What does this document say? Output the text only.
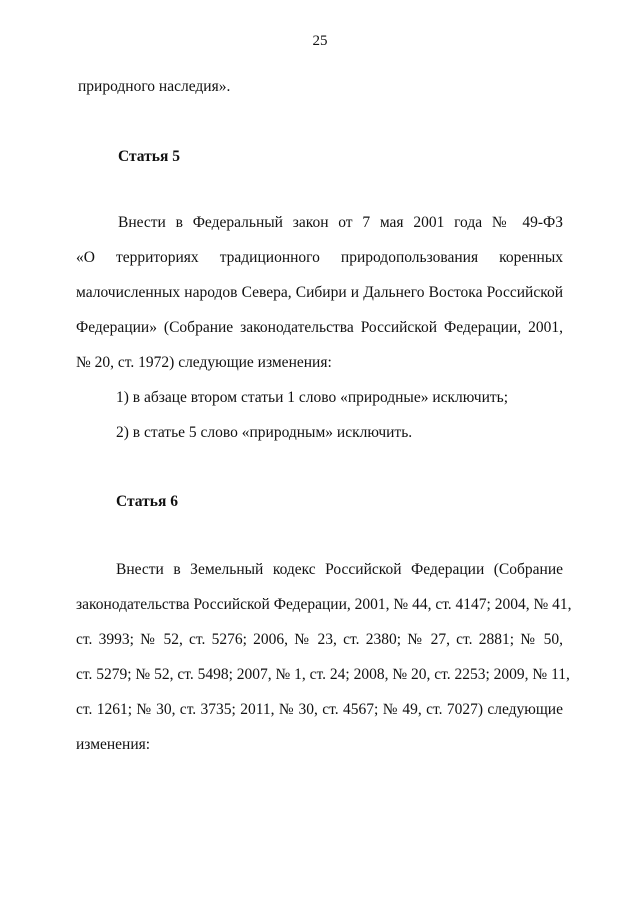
25
природного наследия».
Статья 5
Внести в Федеральный закон от 7 мая 2001 года № 49-ФЗ
«О территориях традиционного природопользования коренных
малочисленных народов Севера, Сибири и Дальнего Востока Российской
Федерации» (Собрание законодательства Российской Федерации, 2001,
№ 20, ст. 1972) следующие изменения:
1) в абзаце втором статьи 1 слово «природные» исключить;
2) в статье 5 слово «природным» исключить.
Статья 6
Внести в Земельный кодекс Российской Федерации (Собрание
законодательства Российской Федерации, 2001, № 44, ст. 4147; 2004, № 41,
ст. 3993; № 52, ст. 5276; 2006, № 23, ст. 2380; № 27, ст. 2881; № 50,
ст. 5279; № 52, ст. 5498; 2007, № 1, ст. 24; 2008, № 20, ст. 2253; 2009, № 11,
ст. 1261; № 30, ст. 3735; 2011, № 30, ст. 4567; № 49, ст. 7027) следующие
изменения:
